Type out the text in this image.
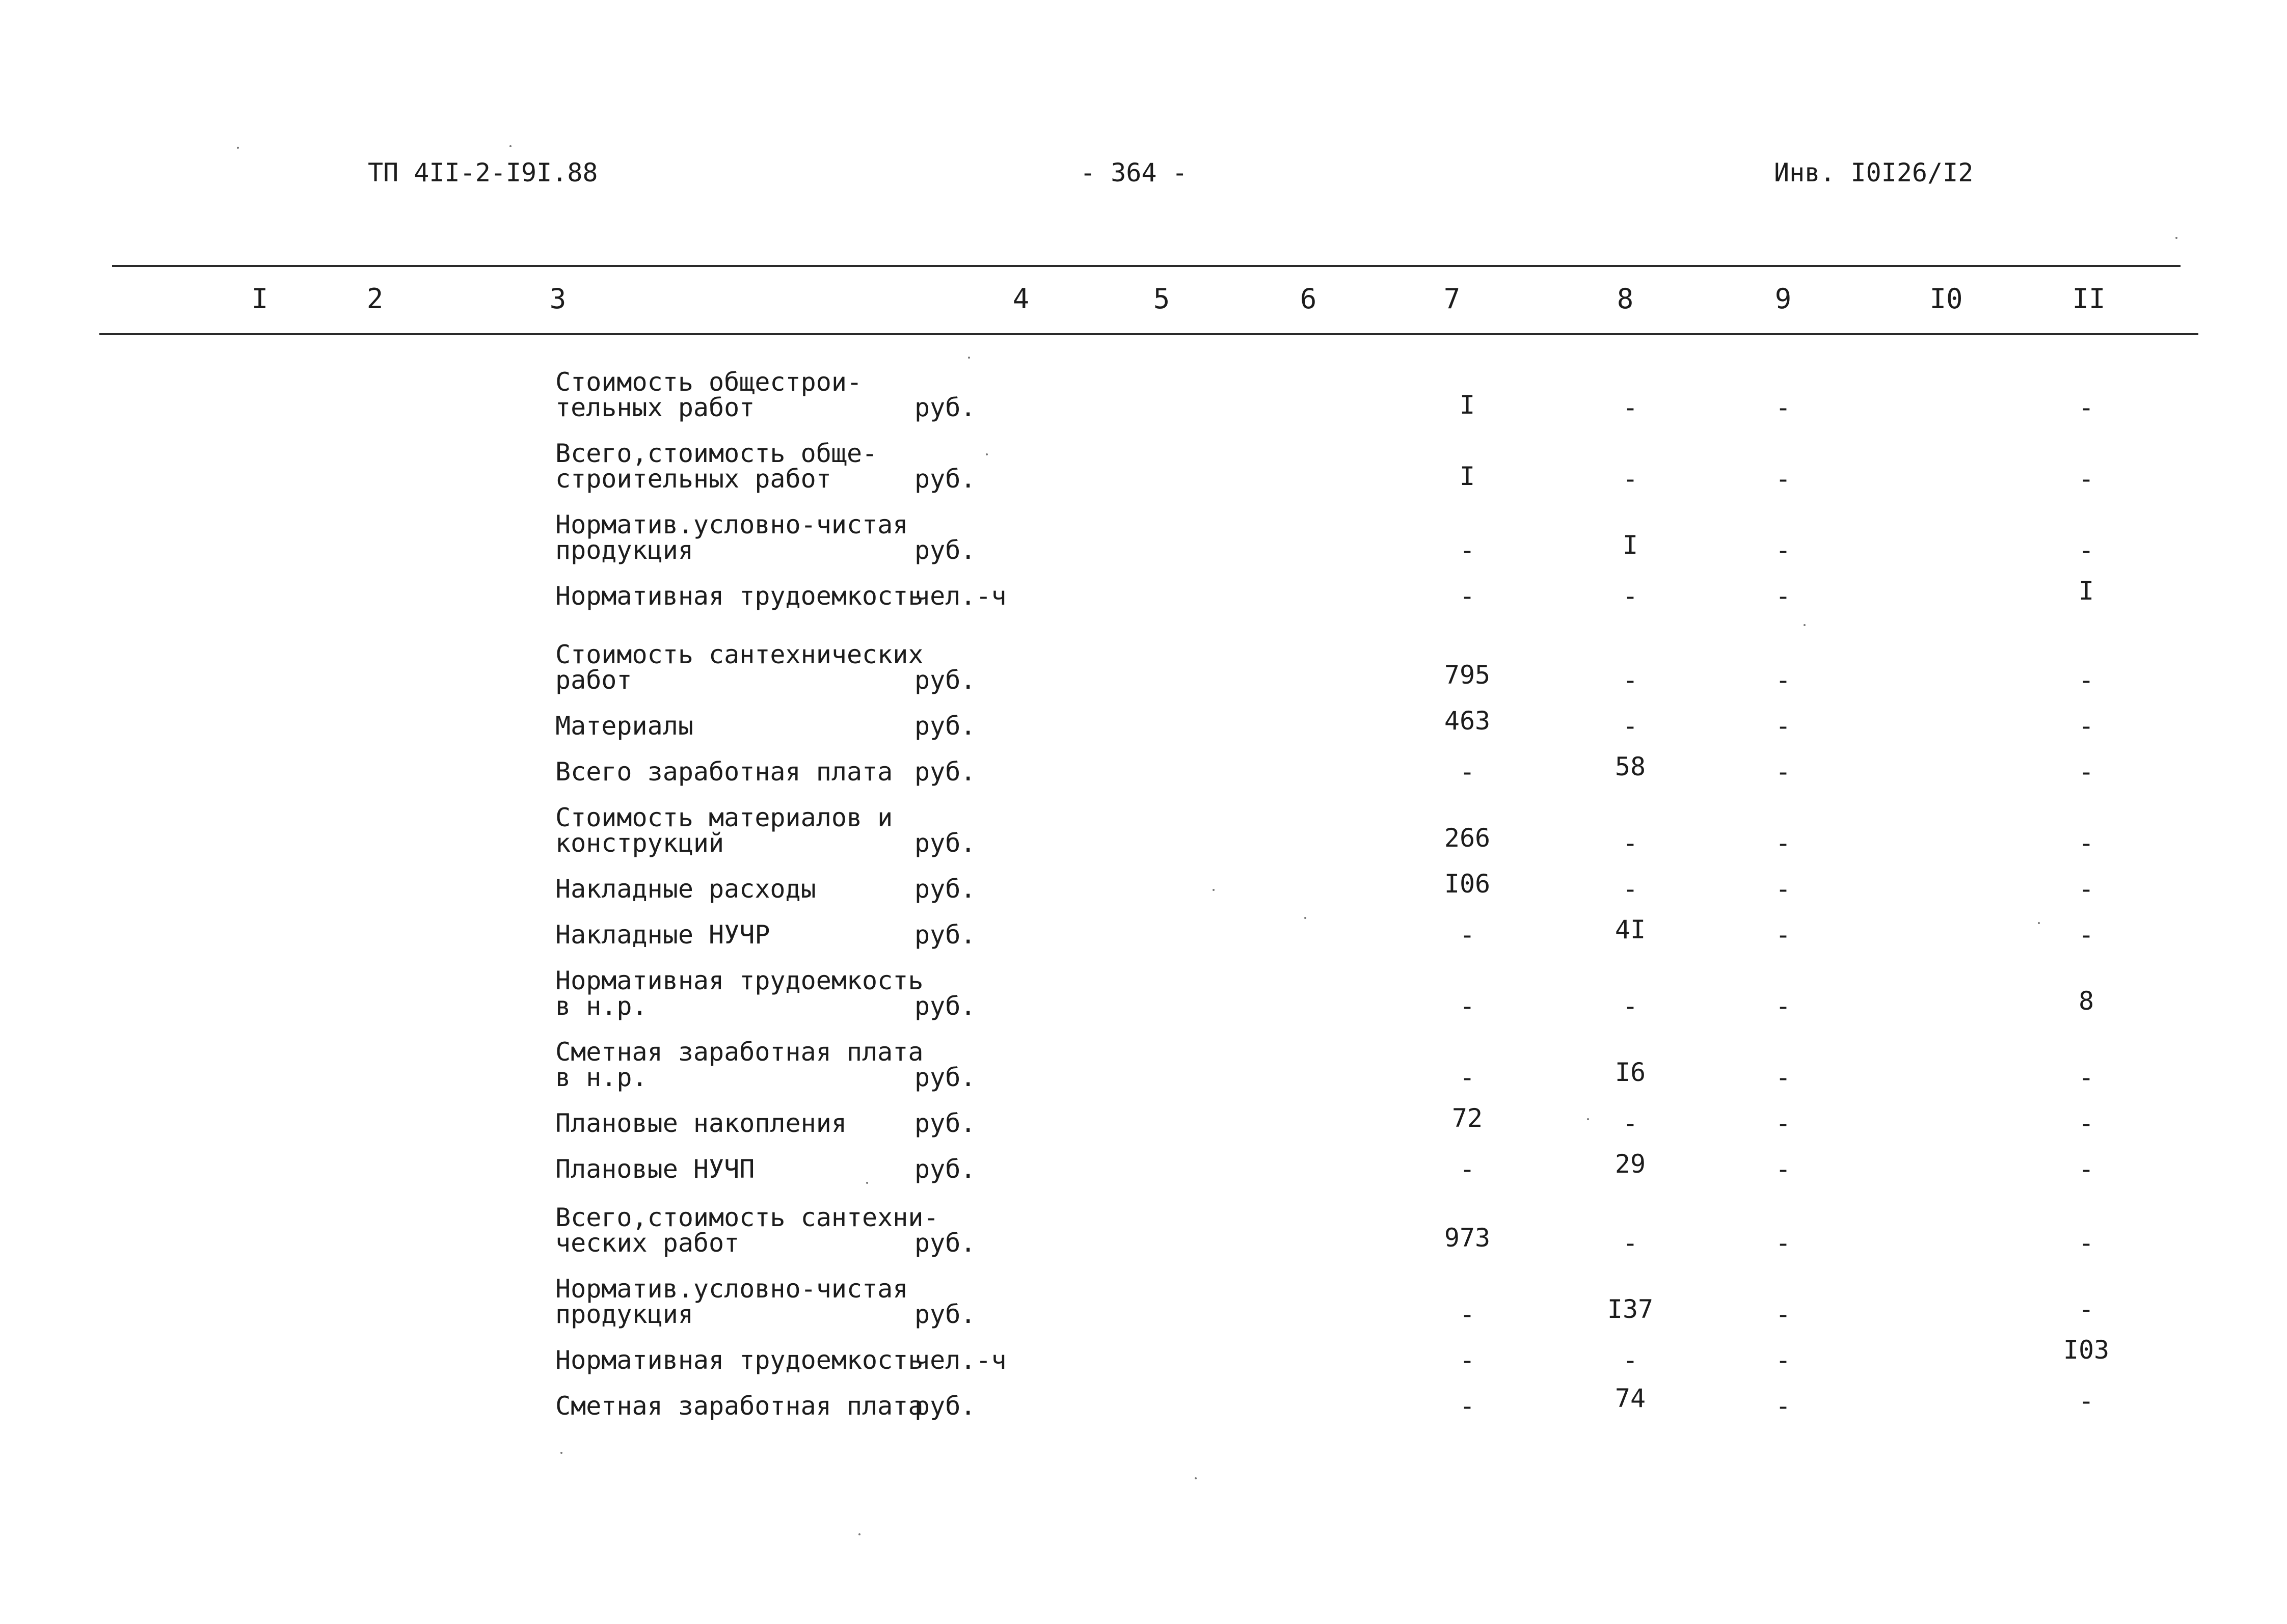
ТП 4II-2-I9I.88	- 364 -	Инв. I0I26/I2
I	2	3	4	5	6	7	8	9	I0	II
Стоимость общестрои-
тельных работ	руб.	I	-	-	-
Всего,стоимость обще-
строительных работ	руб.	I	-	-	-
Норматив.условно-чистая
продукция	руб.	-	I	-	-
Нормативная трудоемкость
чел.-ч	-	-	-	I
Стоимость сантехнических
работ	руб.	795	-	-	-
Материалы	руб.	463	-	-	-
Всего заработная плата руб.	-	58	-	-
Стоимость материалов и
конструкций	руб.	266	-	-	-
Накладные расходы	руб.	I06	-	-	-
Накладные НУЧР	руб.	-	4I	-	-
Нормативная трудоемкость
в н.р.	руб.	-	-	-	8
Сметная заработная плата
в н.р.	руб.	-	I6	-	-
Плановые накопления	руб.	72	-	-	-
Плановые НУЧП	руб.	-	29	-	-
Всего,стоимость сантехни-
ческих работ	руб.	973	-	-	-
Норматив.условно-чистая
продукция	руб.	-	I37	-	-
Нормативная трудоемкость
чел.-ч	-	-	-	I03
Сметная заработная плата
руб.	-	74	-	-
